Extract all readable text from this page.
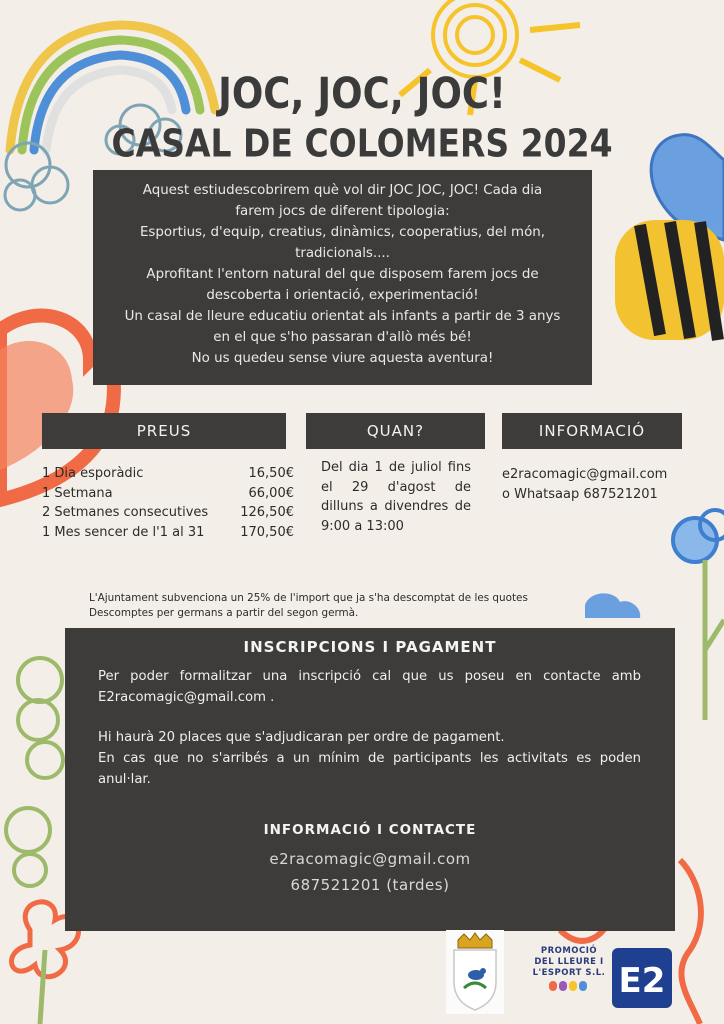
JOC, JOC, JOC!
CASAL DE COLOMERS 2024

Aquest estiudescobrirem què vol dir JOC JOC, JOC! Cada dia

farem jocs de diferent tipologia:

Esportius, d'equip, creatius, dinàmics, cooperatius, del món,

tradicionals....

Aprofitant l'entorn natural del que disposem farem jocs de

descoberta i orientació, experimentació!

Un casal de lleure educatiu orientat als infants a partir de 3 anys

en el que s'ho passaran d'allò més bé!

No us quedeu sense viure aquesta aventura!

PREUS	QUAN?	INFORMACIÓ
1 Dia esporàdic	16,50€
1 Setmana	66,00€
2 Setmanes consecutives 126,50€
1 Mes sencer de l'1 al 31	170,50€
Del dia 1 de juliol fins el 29 d'agost de dilluns a divendres de 9:00 a 13:00
e2racomagic@gmail.com
o Whatsaap 687521201
L'Ajuntament subvenciona un 25% de l'import que ja s'ha descomptat de les quotes
Descomptes per germans a partir del segon germà.
INSCRIPCIONS I PAGAMENT
Per poder formalitzar una inscripció cal que us poseu en contacte amb E2racomagic@gmail.com .
Hi haurà 20 places que s'adjudicaran per ordre de pagament.
En cas que no s'arribés a un mínim de participants les activitats es poden anul·lar.
INFORMACIÓ I CONTACTE
e2racomagic@gmail.com
687521201 (tardes)
PROMOCIÓ
DEL LLEURE I
L'ESPORT S.L. E2
